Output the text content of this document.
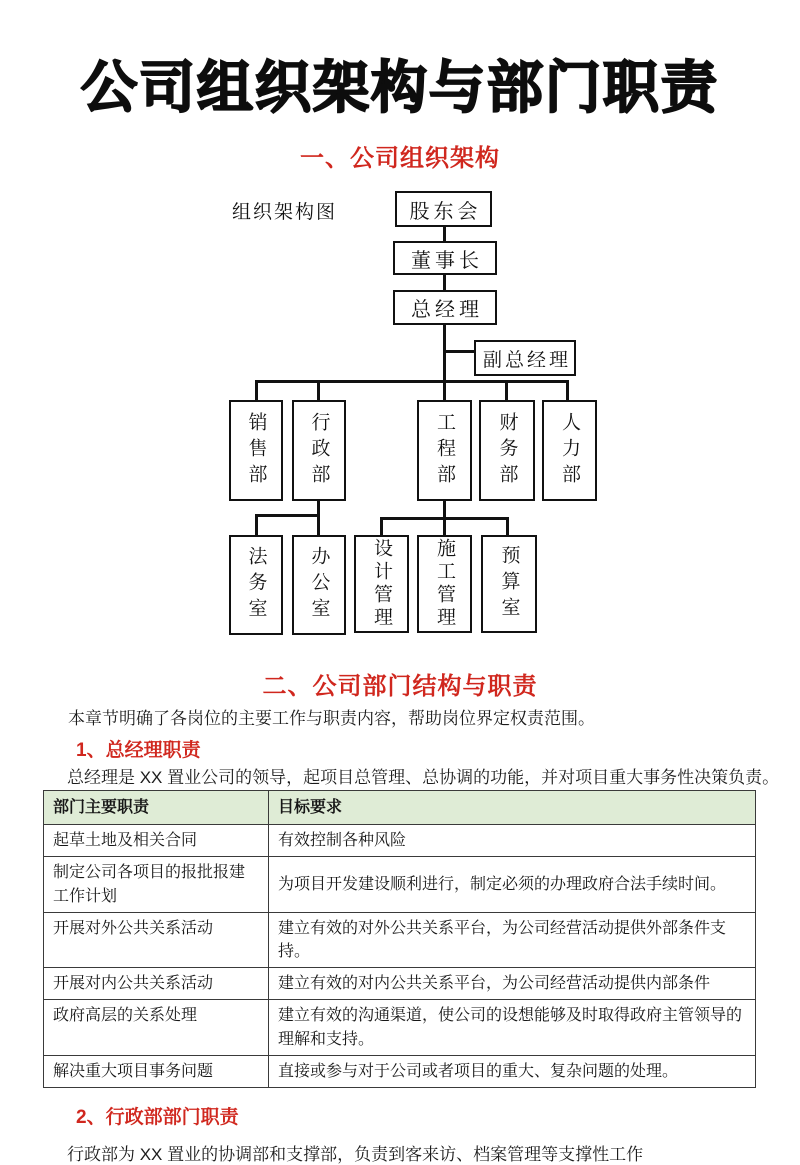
公司组织架构与部门职责
一、公司组织架构
组织架构图	股东会
董事长
总经理
副总经理
销售部	行政部	工程部	财务部	人力部
法务室	办公室	设计管理	施工管理	预算室
二、公司部门结构与职责
本章节明确了各岗位的主要工作与职责内容，帮助岗位界定权责范围。
1、总经理职责
总经理是 XX 置业公司的领导，起项目总管理、总协调的功能，并对项目重大事务性决策负责。
部门主要职责	目标要求
起草土地及相关合同	有效控制各种风险
制定公司各项目的报批报建工作计划	为项目开发建设顺利进行，制定必须的办理政府合法手续时间。
开展对外公共关系活动	建立有效的对外公共关系平台，为公司经营活动提供外部条件支持。
开展对内公共关系活动	建立有效的对内公共关系平台，为公司经营活动提供内部条件
政府高层的关系处理	建立有效的沟通渠道，使公司的设想能够及时取得政府主管领导的理解和支持。
解决重大项目事务问题	直接或参与对于公司或者项目的重大、复杂问题的处理。
2、行政部部门职责
行政部为 XX 置业的协调部和支撑部，负责到客来访、档案管理等支撑性工作
